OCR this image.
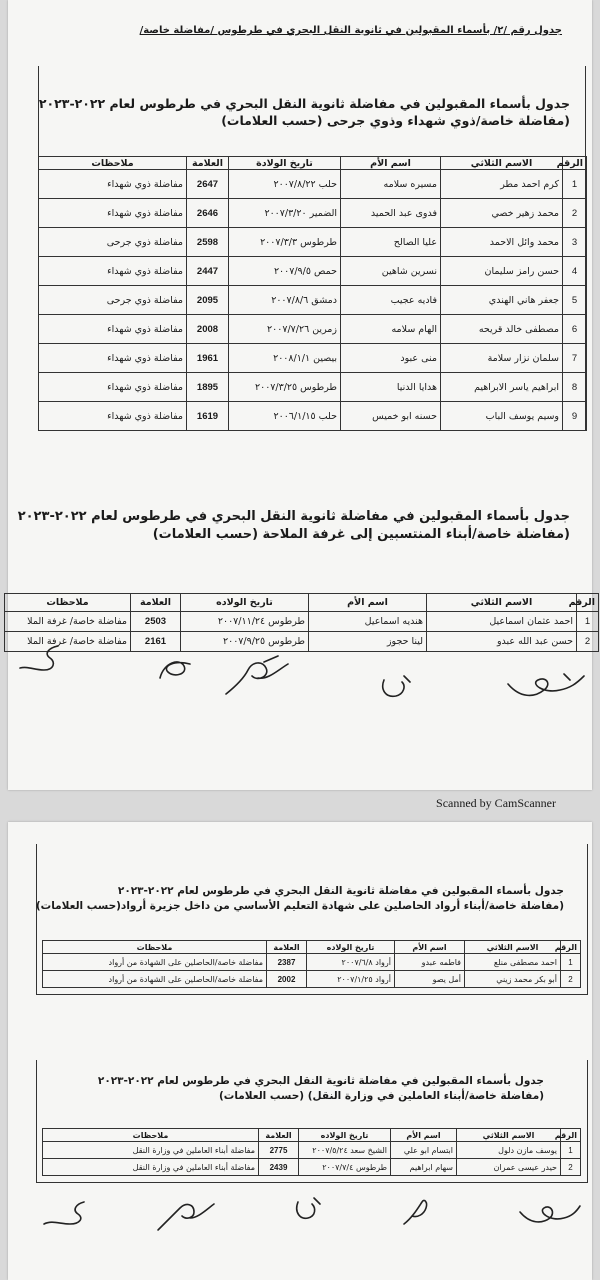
جدول رقم /٢/ بأسماء المقبولين في ثانوية النقل البحري في طرطوس /مفاضلة خاصة/
جدول بأسماء المقبولين في مفاضلة ثانوية النقل البحري في طرطوس لعام ٢٠٢٢-٢٠٢٣
(مفاضلة خاصة/ذوي شهداء وذوي جرحى (حسب العلامات)
الرقم	الاسم الثلاثي	اسم الأم	تاريخ الولادة	العلامة	ملاحظات
1	كرم احمد مطر	مسيره سلامه	حلب ٢٠٠٧/٨/٢٢	2647	مفاضلة ذوي شهداء
2	محمد زهير خصي	فدوى عبد الحميد	الضمير ٢٠٠٧/٣/٢٠	2646	مفاضلة ذوي شهداء
3	محمد وائل الاحمد	عليا الصالح	طرطوس ٢٠٠٧/٣/٣	2598	مفاضلة ذوي جرحى
4	حسن رامز سليمان	نسرين شاهين	حمص ٢٠٠٧/٩/٥	2447	مفاضلة ذوي شهداء
5	جعفر هاني الهندي	فاديه عجيب	دمشق ٢٠٠٧/٨/٦	2095	مفاضلة ذوي جرحى
6	مصطفى خالد قريحه	الهام سلامه	زمرين ٢٠٠٧/٧/٢٦	2008	مفاضلة ذوي شهداء
7	سلمان نزار سلامة	منى عبود	بيصين ٢٠٠٨/١/١	1961	مفاضلة ذوي شهداء
8	ابراهيم ياسر الابراهيم	هدايا الدنيا	طرطوس ٢٠٠٧/٣/٢٥	1895	مفاضلة ذوي شهداء
9	وسيم يوسف الباب	حسنه ابو خميس	حلب ٢٠٠٦/١/١٥	1619	مفاضلة ذوي شهداء
جدول بأسماء المقبولين في مفاضلة ثانوية النقل البحري في طرطوس لعام ٢٠٢٢-٢٠٢٣
(مفاضلة خاصة/أبناء المنتسبين إلى غرفة الملاحة (حسب العلامات)
الرقم	الاسم الثلاثي	اسم الأم	تاريخ الولاده	العلامة	ملاحظات
1	احمد عثمان اسماعيل	هنديه اسماعيل	طرطوس ٢٠٠٧/١١/٢٤	2503	مفاضلة خاصة/ غرفة الملا
2	حسن عبد الله عبدو	لينا حجوز	طرطوس ٢٠٠٧/٩/٢٥	2161	مفاضلة خاصة/ غرفة الملا
Scanned by CamScanner
جدول بأسماء المقبولين في مفاضلة ثانوية النقل البحري في طرطوس لعام ٢٠٢٢-٢٠٢٣
(مفاضلة خاصة/أبناء أرواد الحاصلين على شهادة التعليم الأساسي من داخل جزيرة أرواد(حسب العلامات)
الرقم	الاسم الثلاثي	اسم الأم	تاريخ الولاده	العلامة	ملاحظات
1	احمد مصطفى منلع	فاطمه عبدو	أرواد ٢٠٠٧/٦/٨	2387	مفاضلة خاصة/الحاصلين على الشهادة من أرواد
2	أبو بكر محمد زيني	أمل يصو	أرواد ٢٠٠٧/١/٢٥	2002	مفاضلة خاصة/الحاصلين على الشهادة من أرواد
جدول بأسماء المقبولين في مفاضلة ثانوية النقل البحري في طرطوس لعام ٢٠٢٢-٢٠٢٣
(مفاضلة خاصة/أبناء العاملين في وزارة النقل) (حسب العلامات)
الرقم	الاسم الثلاثي	اسم الأم	تاريخ الولاده	العلامة	ملاحظات
1	يوسف مازن دلول	ابتسام ابو علي	الشيخ سعد ٢٠٠٧/٥/٢٤	2775	مفاضلة أبناء العاملين في وزارة النقل
2	حيدر عيسى عمران	سهام ابراهيم	طرطوس ٢٠٠٧/٧/٤	2439	مفاضلة أبناء العاملين في وزارة النقل
